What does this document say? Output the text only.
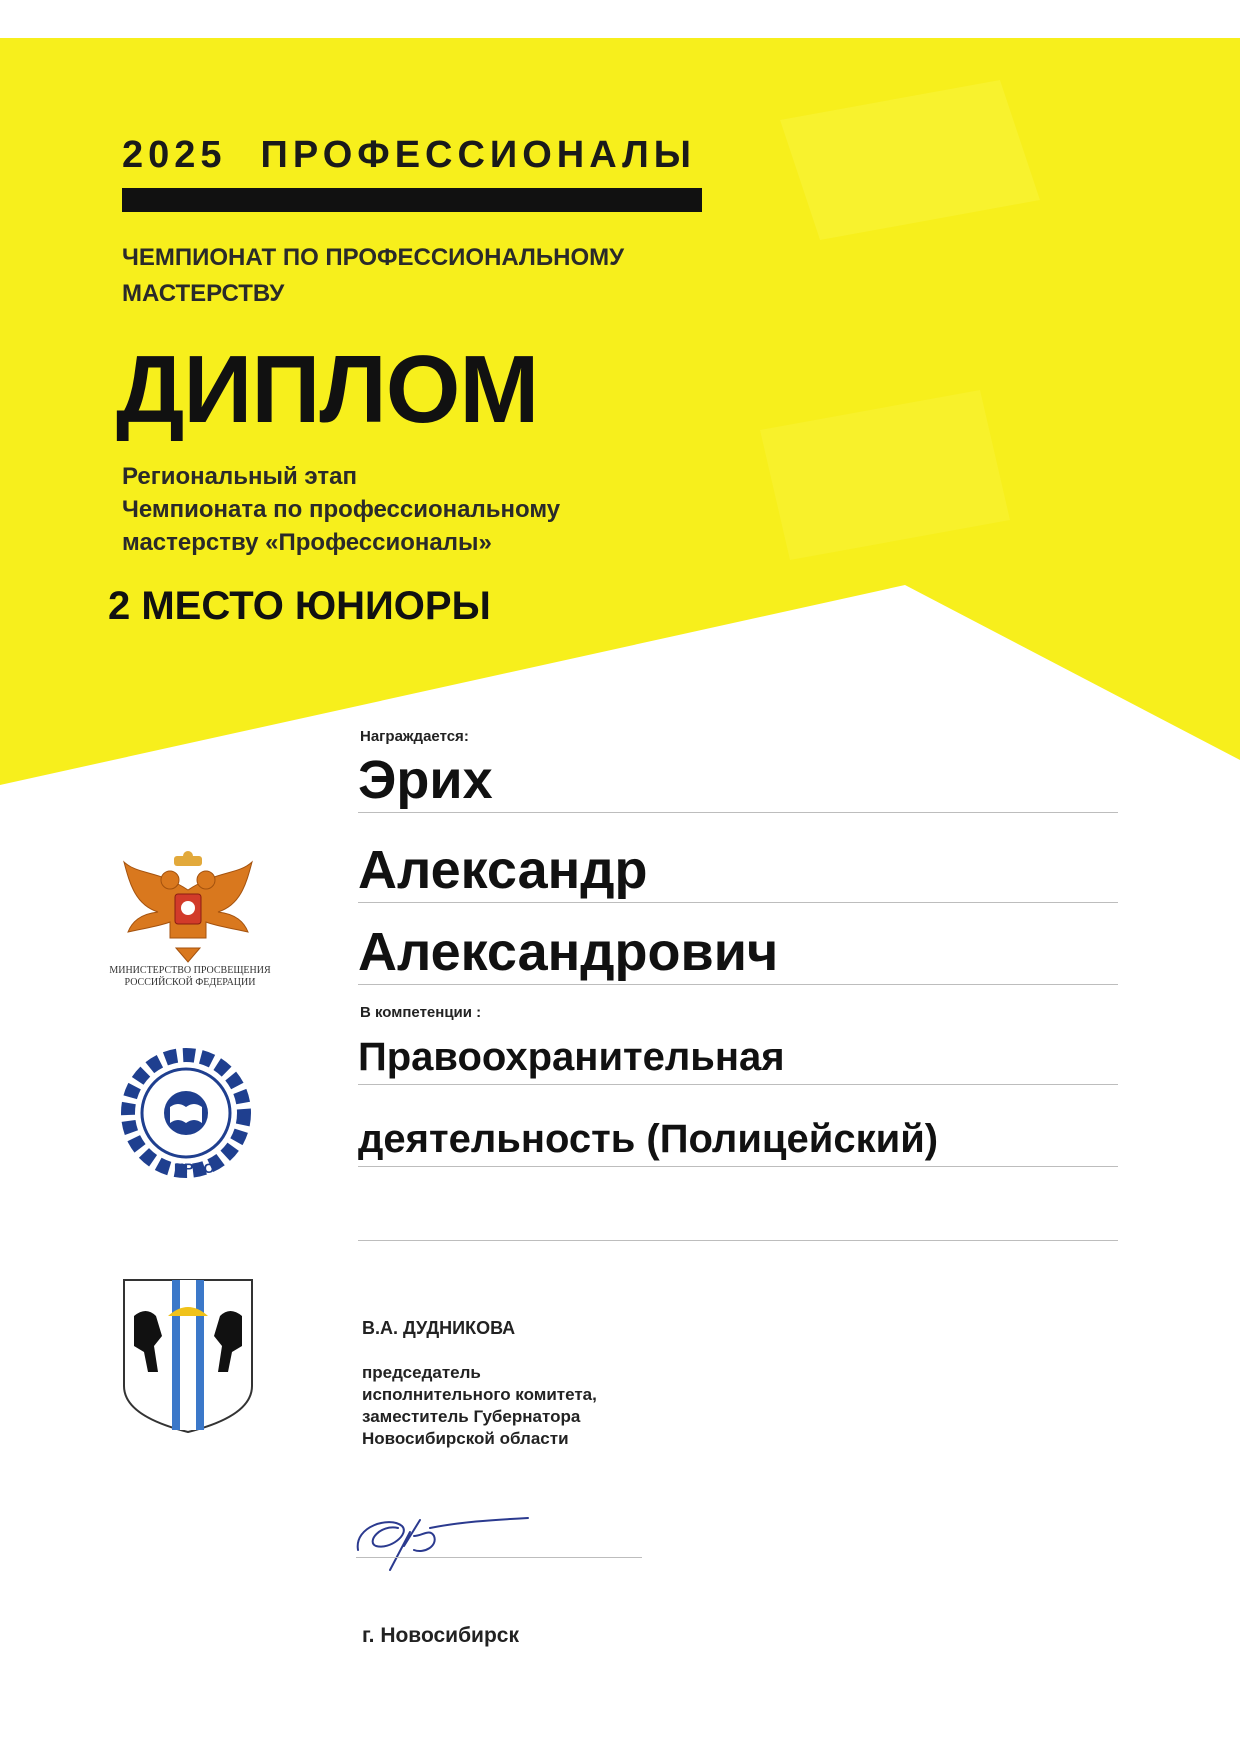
2025 ПРОФЕССИОНАЛЫ
ЧЕМПИОНАТ ПО ПРОФЕССИОНАЛЬНОМУ
МАСТЕРСТВУ
ДИПЛОМ
Региональный этап
Чемпионата по профессиональному
мастерству «Профессионалы»
2 МЕСТО ЮНИОРЫ
Награждается:
Эрих
Александр
Александрович
В компетенции :
Правоохранительная
деятельность (Полицейский)
МИНИСТЕРСТВО ПРОСВЕЩЕНИЯ
РОССИЙСКОЙ ФЕДЕРАЦИИ
ИРПО
В.А. ДУДНИКОВА
председатель
исполнительного комитета,
заместитель Губернатора
Новосибирской области
г. Новосибирск
